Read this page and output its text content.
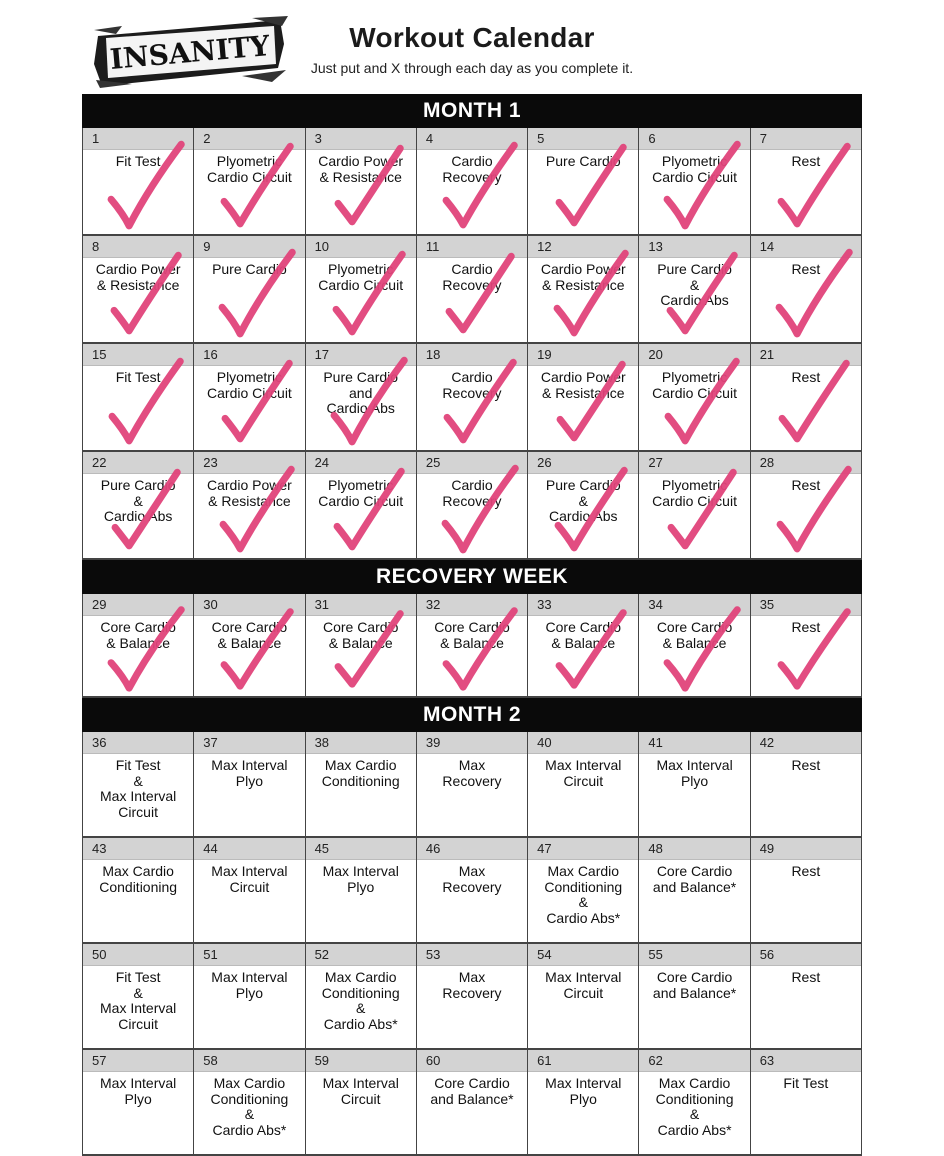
INSANITY	Workout Calendar
Just put and X through each day as you complete it.
MONTH 1
1
Fit Test
2
Plyometric
Cardio Circuit
3
Cardio Power
& Resistance
4
Cardio
Recovery
5
Pure Cardio
6
Plyometric
Cardio Circuit
7
Rest
8
Cardio Power
& Resistance
9
Pure Cardio
10
Plyometric
Cardio Circuit
11
Cardio
Recovery
12
Cardio Power
& Resistance
13
Pure Cardio
&
Cardio Abs
14
Rest
15
Fit Test
16
Plyometric
Cardio Circuit
17
Pure Cardio
and
Cardio Abs
18
Cardio
Recovery
19
Cardio Power
& Resistance
20
Plyometric
Cardio Circuit
21
Rest
22
Pure Cardio
&
Cardio Abs
23
Cardio Power
& Resistance
24
Plyometric
Cardio Circuit
25
Cardio
Recovery
26
Pure Cardio
&
Cardio Abs
27
Plyometric
Cardio Circuit
28
Rest
RECOVERY WEEK
29
Core Cardio
& Balance
30
Core Cardio
& Balance
31
Core Cardio
& Balance
32
Core Cardio
& Balance
33
Core Cardio
& Balance
34
Core Cardio
& Balance
35
Rest
MONTH 2
36
Fit Test
&
Max Interval
Circuit
37
Max Interval
Plyo
38
Max Cardio
Conditioning
39
Max
Recovery
40
Max Interval
Circuit
41
Max Interval
Plyo
42
Rest
43
Max Cardio
Conditioning
44
Max Interval
Circuit
45
Max Interval
Plyo
46
Max
Recovery
47
Max Cardio
Conditioning
&
Cardio Abs*
48
Core Cardio
and Balance*
49
Rest
50
Fit Test
&
Max Interval
Circuit
51
Max Interval
Plyo
52
Max Cardio
Conditioning
&
Cardio Abs*
53
Max
Recovery
54
Max Interval
Circuit
55
Core Cardio
and Balance*
56
Rest
57
Max Interval
Plyo
58
Max Cardio
Conditioning
&
Cardio Abs*
59
Max Interval
Circuit
60
Core Cardio
and Balance*
61
Max Interval
Plyo
62
Max Cardio
Conditioning
&
Cardio Abs*
63
Fit Test
